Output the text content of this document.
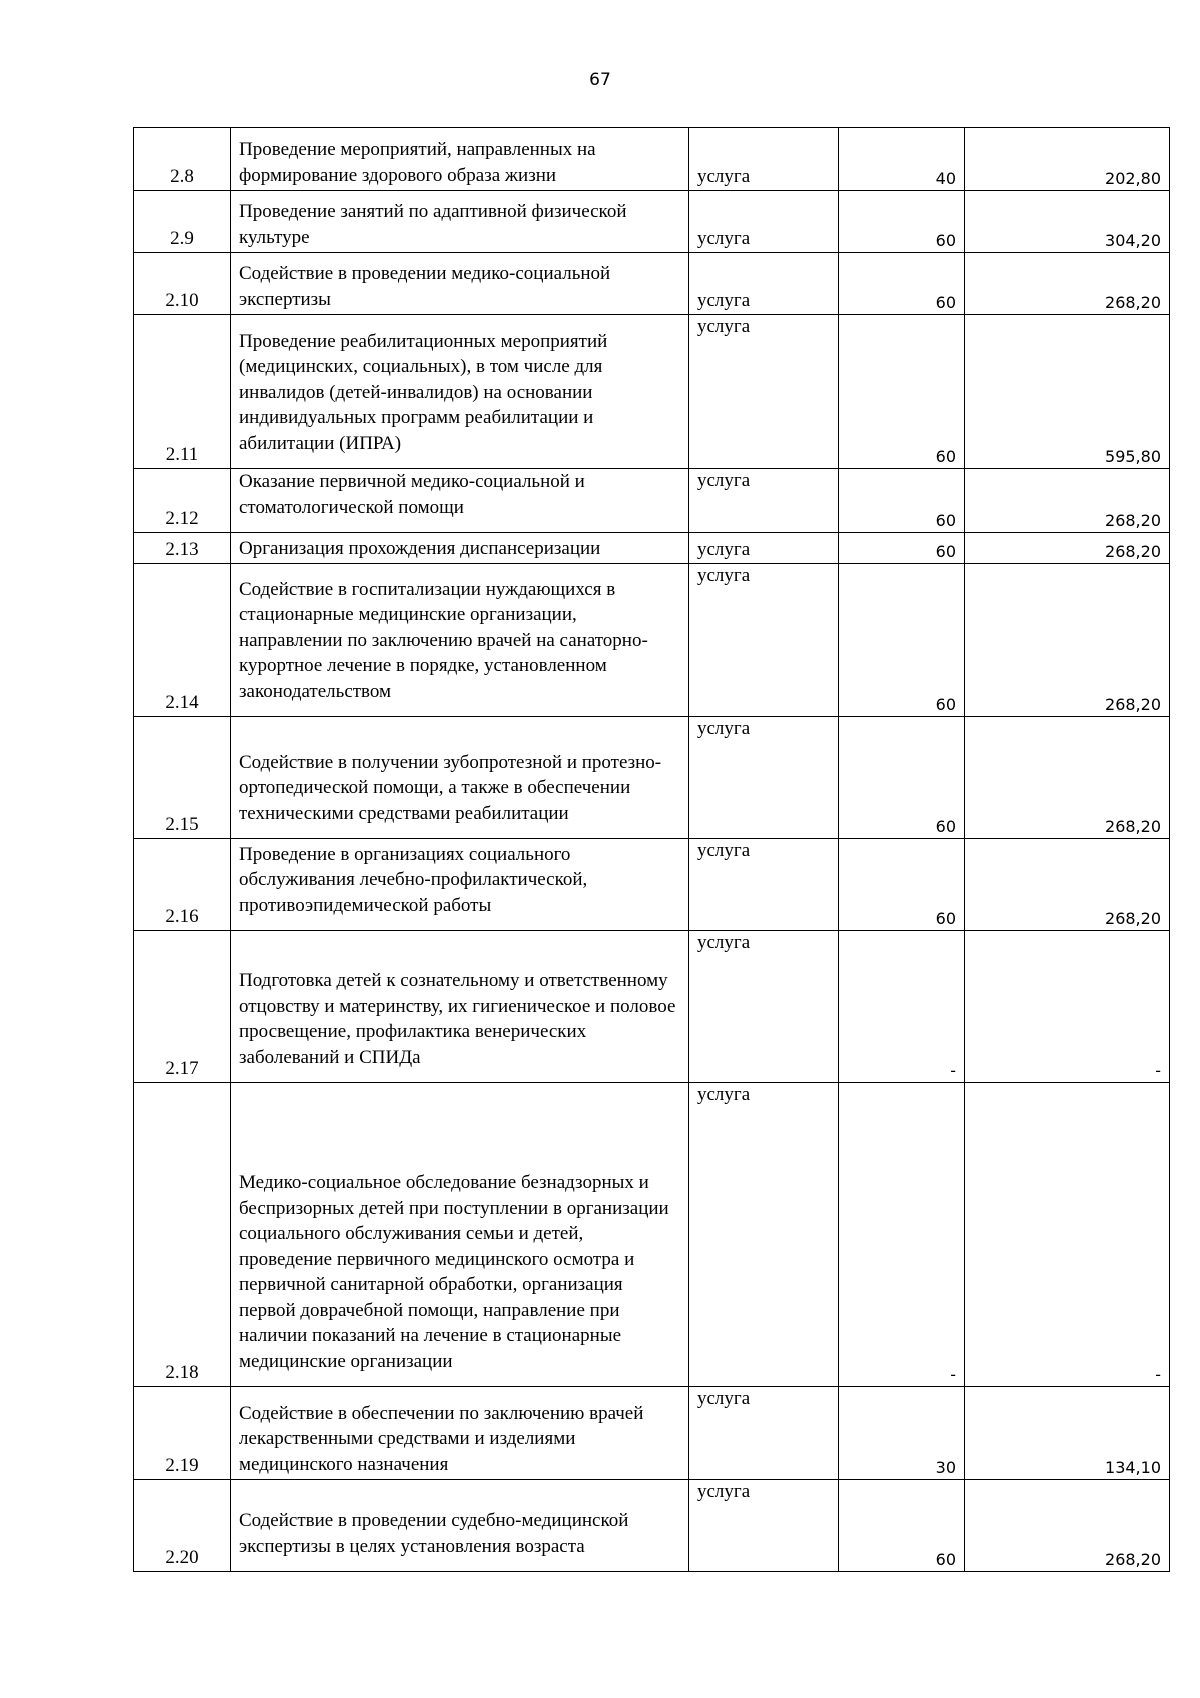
67
2.8	Проведение мероприятий, направленных на формирование здорового образа жизни	услуга	40	202,80
2.9	Проведение занятий по адаптивной физической культуре	услуга	60	304,20
2.10	Содействие в проведении медико-социальной экспертизы	услуга	60	268,20
2.11	Проведение реабилитационных мероприятий (медицинских, социальных), в том числе для инвалидов (детей-инвалидов) на основании индивидуальных программ реабилитации и абилитации (ИПРА)	услуга	60	595,80
2.12	Оказание первичной медико-социальной и стоматологической помощи	услуга	60	268,20
2.13	Организация прохождения диспансеризации	услуга	60	268,20
2.14	Содействие в госпитализации нуждающихся в стационарные медицинские организации, направлении по заключению врачей на санаторно-курортное лечение в порядке, установленном законодательством	услуга	60	268,20
2.15	Содействие в получении зубопротезной и протезно-ортопедической помощи, а также в обеспечении техническими средствами реабилитации	услуга	60	268,20
2.16	Проведение в организациях социального обслуживания лечебно-профилактической, противоэпидемической работы	услуга	60	268,20
2.17	Подготовка детей к сознательному и ответственному отцовству и материнству, их гигиеническое и половое просвещение, профилактика венерических заболеваний и СПИДа	услуга	-	-
2.18	Медико-социальное обследование безнадзорных и беспризорных детей при поступлении в организации социального обслуживания семьи и детей, проведение первичного медицинского осмотра и первичной санитарной обработки, организация первой доврачебной помощи, направление при наличии показаний на лечение в стационарные медицинские организации	услуга	-	-
2.19	Содействие в обеспечении по заключению врачей лекарственными средствами и изделиями медицинского назначения	услуга	30	134,10
2.20	Содействие в проведении судебно-медицинской экспертизы в целях установления возраста	услуга	60	268,20
